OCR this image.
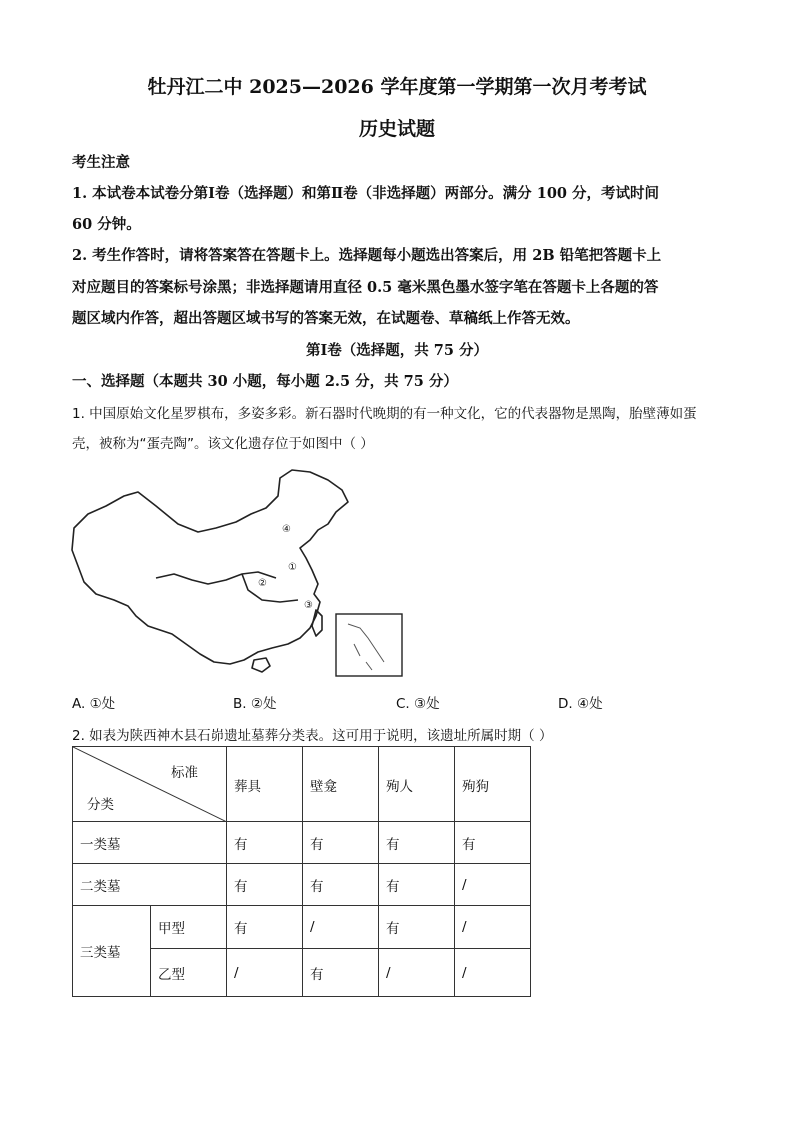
牡丹江二中 2025—2026 学年度第一学期第一次月考考试
历史试题
考生注意
1. 本试卷本试卷分第Ⅰ卷（选择题）和第Ⅱ卷（非选择题）两部分。满分 100 分，考试时间
60 分钟。
2. 考生作答时，请将答案答在答题卡上。选择题每小题选出答案后，用 2B 铅笔把答题卡上
对应题目的答案标号涂黑；非选择题请用直径 0.5 毫米黑色墨水签字笔在答题卡上各题的答
题区域内作答，超出答题区域书写的答案无效，在试题卷、草稿纸上作答无效。
第Ⅰ卷（选择题，共 75 分）
一、选择题（本题共 30 小题，每小题 2.5 分，共 75 分）
1. 中国原始文化星罗棋布，多姿多彩。新石器时代晚期的有一种文化，它的代表器物是黑陶，胎壁薄如蛋
壳，被称为“蛋壳陶”。该文化遗存位于如图中（ ）
④
①
②
③
A. ①处	B. ②处	C. ③处	D. ④处
2. 如表为陕西神木县石峁遗址墓葬分类表。这可用于说明，该遗址所属时期（ ）
标准
分类		葬具	壁龛	殉人	殉狗
一类墓		有	有	有	有
二类墓		有	有	有	/
三类墓	甲型	有	/	有	/
	乙型	/	有	/	/
